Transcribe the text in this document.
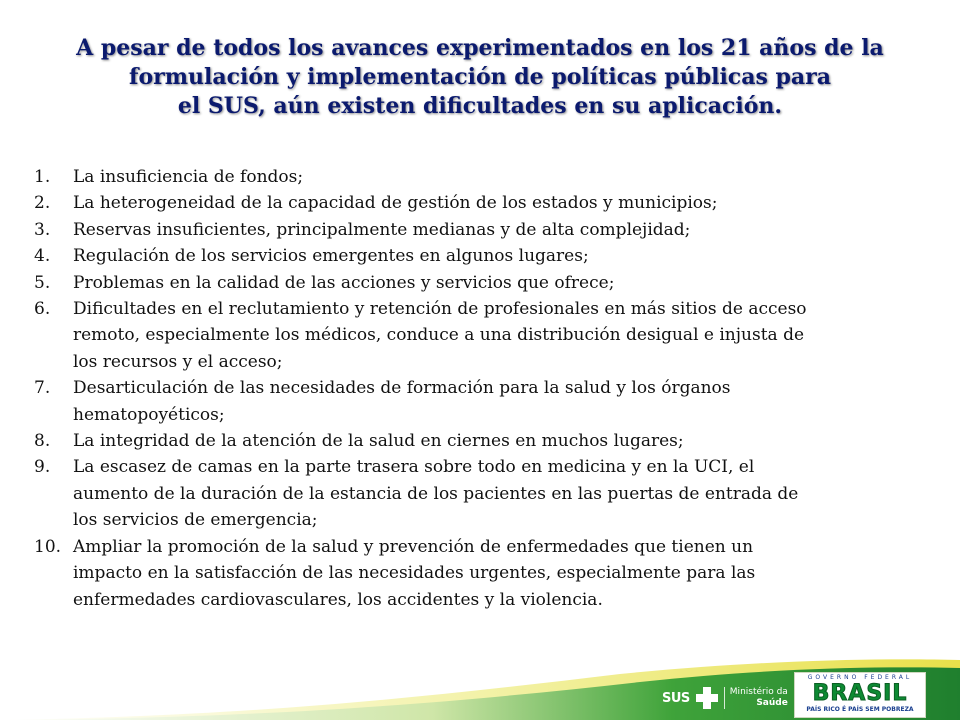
A pesar de todos los avances experimentados en los 21 años de la
formulación y implementación de políticas públicas para
el SUS, aún existen dificultades en su aplicación.
1. La insuficiencia de fondos;
2. La heterogeneidad de la capacidad de gestión de los estados y municipios;
3. Reservas insuficientes, principalmente medianas y de alta complejidad;
4. Regulación de los servicios emergentes en algunos lugares;
5. Problemas en la calidad de las acciones y servicios que ofrece;
6. Dificultades en el reclutamiento y retención de profesionales en más sitios de acceso
remoto, especialmente los médicos, conduce a una distribución desigual e injusta de
los recursos y el acceso;
7. Desarticulación de las necesidades de formación para la salud y los órganos
hematopoyéticos;
8. La integridad de la atención de la salud en ciernes en muchos lugares;
9. La escasez de camas en la parte trasera sobre todo en medicina y en la UCI, el
aumento de la duración de la estancia de los pacientes en las puertas de entrada de
los servicios de emergencia;
10. Ampliar la promoción de la salud y prevención de enfermedades que tienen un
impacto en la satisfacción de las necesidades urgentes, especialmente para las
enfermedades cardiovasculares, los accidentes y la violencia.
SUS	Ministério da
Saúde
GOVERNO FEDERAL
BRASIL
PAÍS RICO É PAÍS SEM POBREZA
